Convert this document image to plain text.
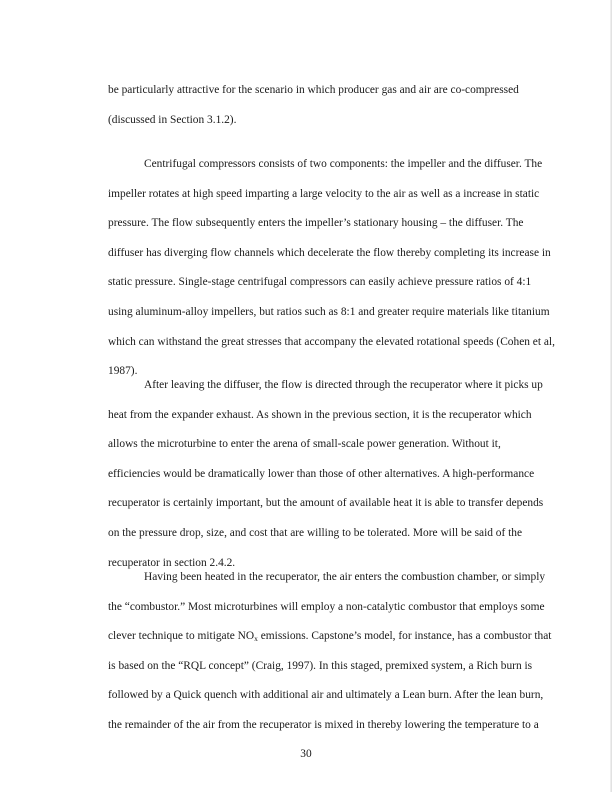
be particularly attractive for the scenario in which producer gas and air are co-compressed
(discussed in Section 3.1.2).

Centrifugal compressors consists of two components: the impeller and the diffuser. The
impeller rotates at high speed imparting a large velocity to the air as well as a increase in static
pressure. The flow subsequently enters the impeller’s stationary housing – the diffuser. The
diffuser has diverging flow channels which decelerate the flow thereby completing its increase in
static pressure. Single-stage centrifugal compressors can easily achieve pressure ratios of 4:1
using aluminum-alloy impellers, but ratios such as 8:1 and greater require materials like titanium
which can withstand the great stresses that accompany the elevated rotational speeds (Cohen et al,
1987).

After leaving the diffuser, the flow is directed through the recuperator where it picks up
heat from the expander exhaust. As shown in the previous section, it is the recuperator which
allows the microturbine to enter the arena of small-scale power generation. Without it,
efficiencies would be dramatically lower than those of other alternatives. A high-performance
recuperator is certainly important, but the amount of available heat it is able to transfer depends
on the pressure drop, size, and cost that are willing to be tolerated. More will be said of the
recuperator in section 2.4.2.

Having been heated in the recuperator, the air enters the combustion chamber, or simply
the “combustor.” Most microturbines will employ a non-catalytic combustor that employs some
clever technique to mitigate $NO_x$ emissions. Capstone’s model, for instance, has a combustor that
is based on the “RQL concept” (Craig, 1997). In this staged, premixed system, a Rich burn is
followed by a Quick quench with additional air and ultimately a Lean burn. After the lean burn,
the remainder of the air from the recuperator is mixed in thereby lowering the temperature to a

30
